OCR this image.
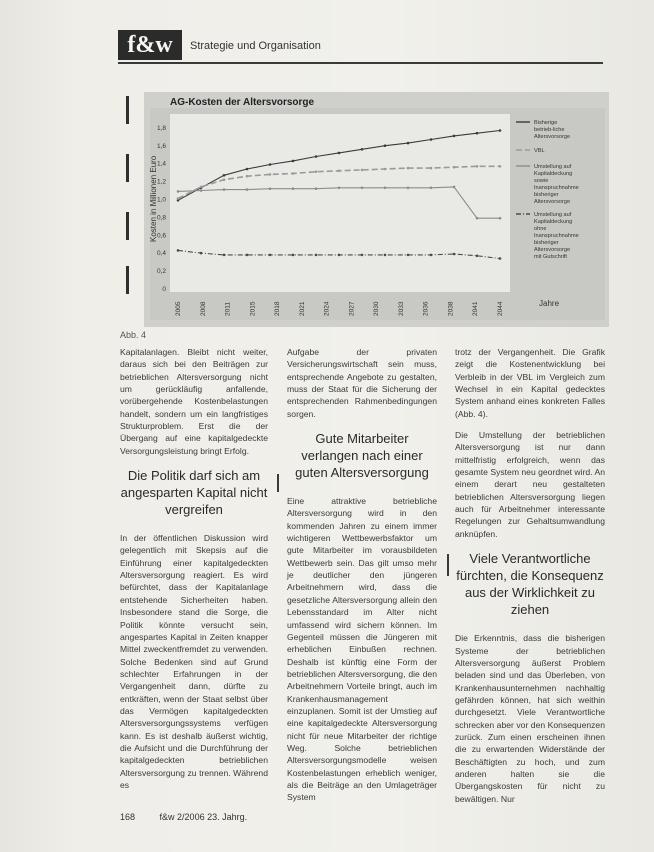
f&w	Strategie und Organisation
AG-Kosten der Altersvorsorge
Kosten in Millionen Euro
Jahre
1,8
1,6
1,4
1,2
1,0
0,8
0,6
0,4
0,2
0
2005	2008	2011	2015	2018	2021	2024	2027	2030	2033	2036	2038	2041	2044
Bisherige betrieb-liche Altersvorsorge
VBL
Umstellung auf Kapitaldeckung sowie Inanspruchnahme bisheriger Altersvorsorge
Umstellung auf Kapitaldeckung ohne Inanspruchnahme bisheriger Altersvorsorge mit Gutschrift
Abb. 4

Kapitalanlagen. Bleibt nicht weiter, daraus sich bei den Beiträgen zur betrieblichen Altersversorgung nicht um gerückläufig anfallende, vorübergehende Kostenbelastungen handelt, sondern um ein langfristiges Strukturproblem. Erst die der Übergang auf eine kapitalgedeckte Versorgungsleistung bringt Erfolg.

Die Politik darf sich am angesparten Kapital nicht vergreifen

In der öffentlichen Diskussion wird gelegentlich mit Skepsis auf die Einführung einer kapitalgedeckten Altersversorgung reagiert. Es wird befürchtet, dass der Kapitalanlage entstehende Sicherheiten haben. Insbesondere stand die Sorge, die Politik könnte versucht sein, angespartes Kapital in Zeiten knapper Mittel zweckentfremdet zu verwenden. Solche Bedenken sind auf Grund schlechter Erfahrungen in der Vergangenheit dann, dürfte zu entkräften, wenn der Staat selbst über das Vermögen kapitalgedeckten Altersversorgungssystems verfügen kann. Es ist deshalb äußerst wichtig, die Aufsicht und die Durchführung der kapitalgedeckten betrieblichen Altersversorgung zu trennen. Während es

Aufgabe der privaten Versicherungswirtschaft sein muss, entsprechende Angebote zu gestalten, muss der Staat für die Sicherung der entsprechenden Rahmenbedingungen sorgen.

Gute Mitarbeiter verlangen nach einer guten Altersversorgung

Eine attraktive betriebliche Altersversorgung wird in den kommenden Jahren zu einem immer wichtigeren Wettbewerbsfaktor um gute Mitarbeiter im vorausbildeten Wettbewerb sein. Das gilt umso mehr je deutlicher den jüngeren Arbeitnehmern wird, dass die gesetzliche Altersversorgung allein den Lebensstandard im Alter nicht umfassend wird sichern können. Im Gegenteil müssen die Jüngeren mit erheblichen Einbußen rechnen. Deshalb ist künftig eine Form der betrieblichen Altersversorgung, die den Arbeitnehmern Vorteile bringt, auch im Krankenhausmanagement einzuplanen. Somit ist der Umstieg auf eine kapitalgedeckte Altersversorgung nicht für neue Mitarbeiter der richtige Weg. Solche betrieblichen Altersversorgungsmodelle weisen Kostenbelastungen erheblich weniger, als die Beiträge an den Umlageträger System

trotz der Vergangenheit. Die Grafik zeigt die Kostenentwicklung bei Verbleib in der VBL im Vergleich zum Wechsel in ein Kapital gedecktes System anhand eines konkreten Falles (Abb. 4).

Die Umstellung der betrieblichen Altersversorgung ist nur dann mittelfristig erfolgreich, wenn das gesamte System neu geordnet wird. An einem derart neu gestalteten betrieblichen Altersversorgung liegen auch für Arbeitnehmer interessante Regelungen zur Gehaltsumwandlung anknüpfen.

Viele Verantwortliche fürchten, die Konsequenz aus der Wirklichkeit zu ziehen

Die Erkenntnis, dass die bisherigen Systeme der betrieblichen Altersversorgung äußerst Problem beladen sind und das Überleben, von Krankenhausunternehmen nachhaltig gefährden können, hat sich weithin durchgesetzt. Viele Verantwortliche schrecken aber vor den Konsequenzen zurück. Zum einen erscheinen ihnen die zu erwartenden Widerstände der Beschäftigten zu hoch, und zum anderen halten sie die Übergangskosten für nicht zu bewältigen. Nur

168	f&w 2/2006 23. Jahrg.
